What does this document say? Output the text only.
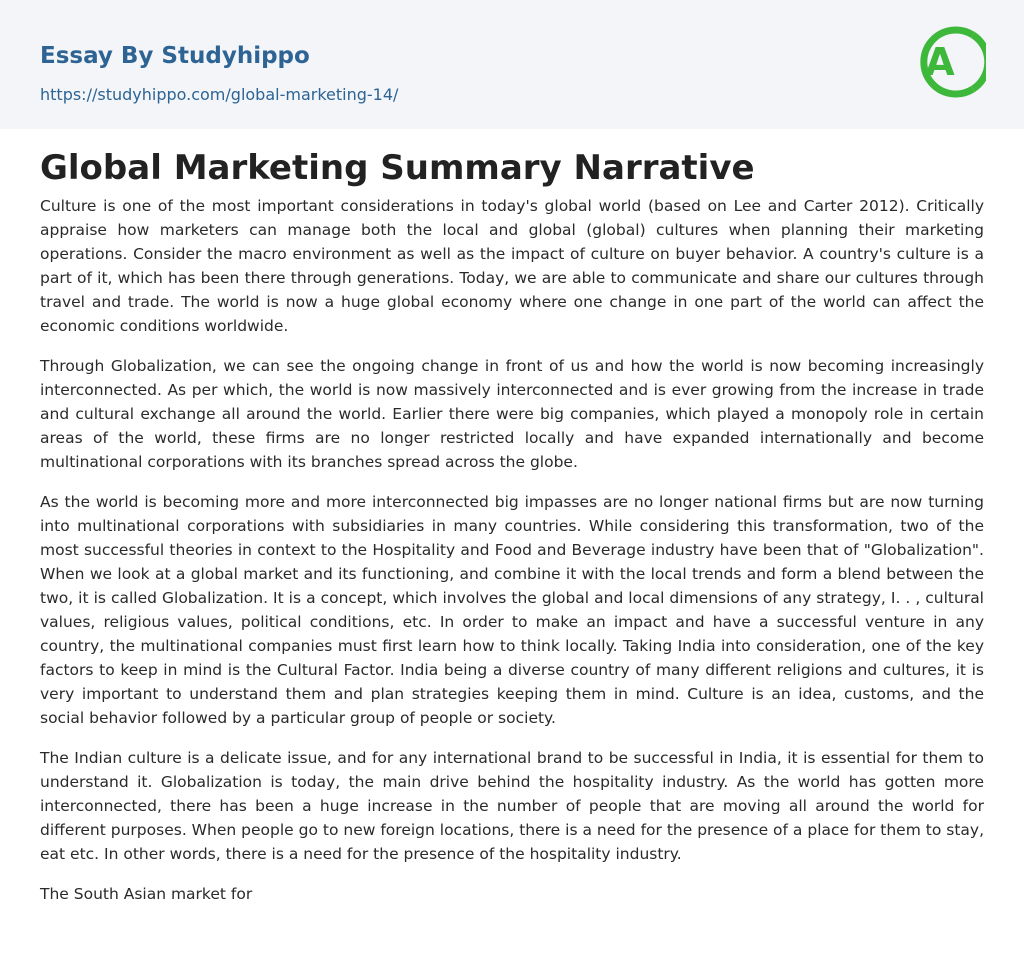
Essay By Studyhippo
https://studyhippo.com/global-marketing-14/
A
Global Marketing Summary Narrative

Culture is one of the most important considerations in today's global world (based on Lee and Carter 2012). Critically appraise how marketers can manage both the local and global (global) cultures when planning their marketing operations. Consider the macro environment as well as the impact of culture on buyer behavior. A country's culture is a part of it, which has been there through generations. Today, we are able to communicate and share our cultures through travel and trade. The world is now a huge global economy where one change in one part of the world can affect the economic conditions worldwide.

Through Globalization, we can see the ongoing change in front of us and how the world is now becoming increasingly interconnected. As per which, the world is now massively interconnected and is ever growing from the increase in trade and cultural exchange all around the world. Earlier there were big companies, which played a monopoly role in certain areas of the world, these firms are no longer restricted locally and have expanded internationally and become multinational corporations with its branches spread across the globe.

As the world is becoming more and more interconnected big impasses are no longer national firms but are now turning into multinational corporations with subsidiaries in many countries. While considering this transformation, two of the most successful theories in context to the Hospitality and Food and Beverage industry have been that of "Globalization". When we look at a global market and its functioning, and combine it with the local trends and form a blend between the two, it is called Globalization. It is a concept, which involves the global and local dimensions of any strategy, I. . , cultural values, religious values, political conditions, etc. In order to make an impact and have a successful venture in any country, the multinational companies must first learn how to think locally. Taking India into consideration, one of the key factors to keep in mind is the Cultural Factor. India being a diverse country of many different religions and cultures, it is very important to understand them and plan strategies keeping them in mind. Culture is an idea, customs, and the social behavior followed by a particular group of people or society.

The Indian culture is a delicate issue, and for any international brand to be successful in India, it is essential for them to understand it. Globalization is today, the main drive behind the hospitality industry. As the world has gotten more interconnected, there has been a huge increase in the number of people that are moving all around the world for different purposes. When people go to new foreign locations, there is a need for the presence of a place for them to stay, eat etc. In other words, there is a need for the presence of the hospitality industry.

The South Asian market for
